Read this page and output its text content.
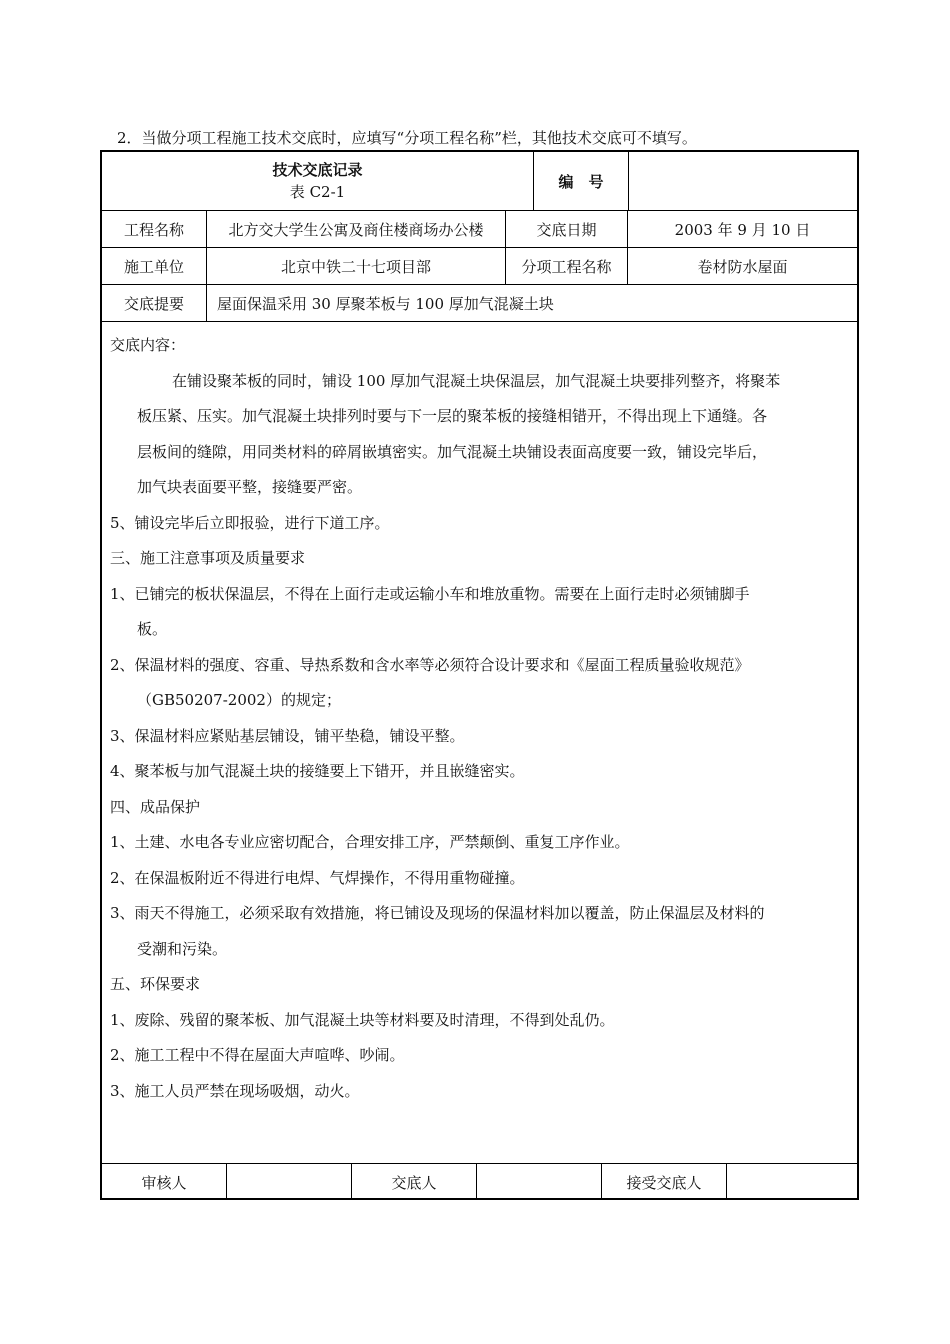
2．当做分项工程施工技术交底时，应填写“分项工程名称”栏，其他技术交底可不填写。
技术交底记录
表 C2-1
编　号
工程名称	北方交大学生公寓及商住楼商场办公楼	交底日期	2003 年 9 月 10 日
施工单位	北京中铁二十七项目部	分项工程名称	卷材防水屋面
交底提要	屋面保温采用 30 厚聚苯板与 100 厚加气混凝土块

交底内容：

在铺设聚苯板的同时，铺设 100 厚加气混凝土块保温层，加气混凝土块要排列整齐，将聚苯

板压紧、压实。加气混凝土块排列时要与下一层的聚苯板的接缝相错开，不得出现上下通缝。各

层板间的缝隙，用同类材料的碎屑嵌填密实。加气混凝土块铺设表面高度要一致，铺设完毕后，

加气块表面要平整，接缝要严密。

5、铺设完毕后立即报验，进行下道工序。

三、施工注意事项及质量要求

1、已铺完的板状保温层，不得在上面行走或运输小车和堆放重物。需要在上面行走时必须铺脚手

板。

2、保温材料的强度、容重、导热系数和含水率等必须符合设计要求和《屋面工程质量验收规范》

（GB50207-2002）的规定；

3、保温材料应紧贴基层铺设，铺平垫稳，铺设平整。

4、聚苯板与加气混凝土块的接缝要上下错开，并且嵌缝密实。

四、成品保护

1、土建、水电各专业应密切配合，合理安排工序，严禁颠倒、重复工序作业。

2、在保温板附近不得进行电焊、气焊操作，不得用重物碰撞。

3、雨天不得施工，必须采取有效措施，将已铺设及现场的保温材料加以覆盖，防止保温层及材料的

受潮和污染。

五、环保要求

1、废除、残留的聚苯板、加气混凝土块等材料要及时清理，不得到处乱仍。

2、施工工程中不得在屋面大声喧哗、吵闹。

3、施工人员严禁在现场吸烟，动火。

审核人	交底人	接受交底人
